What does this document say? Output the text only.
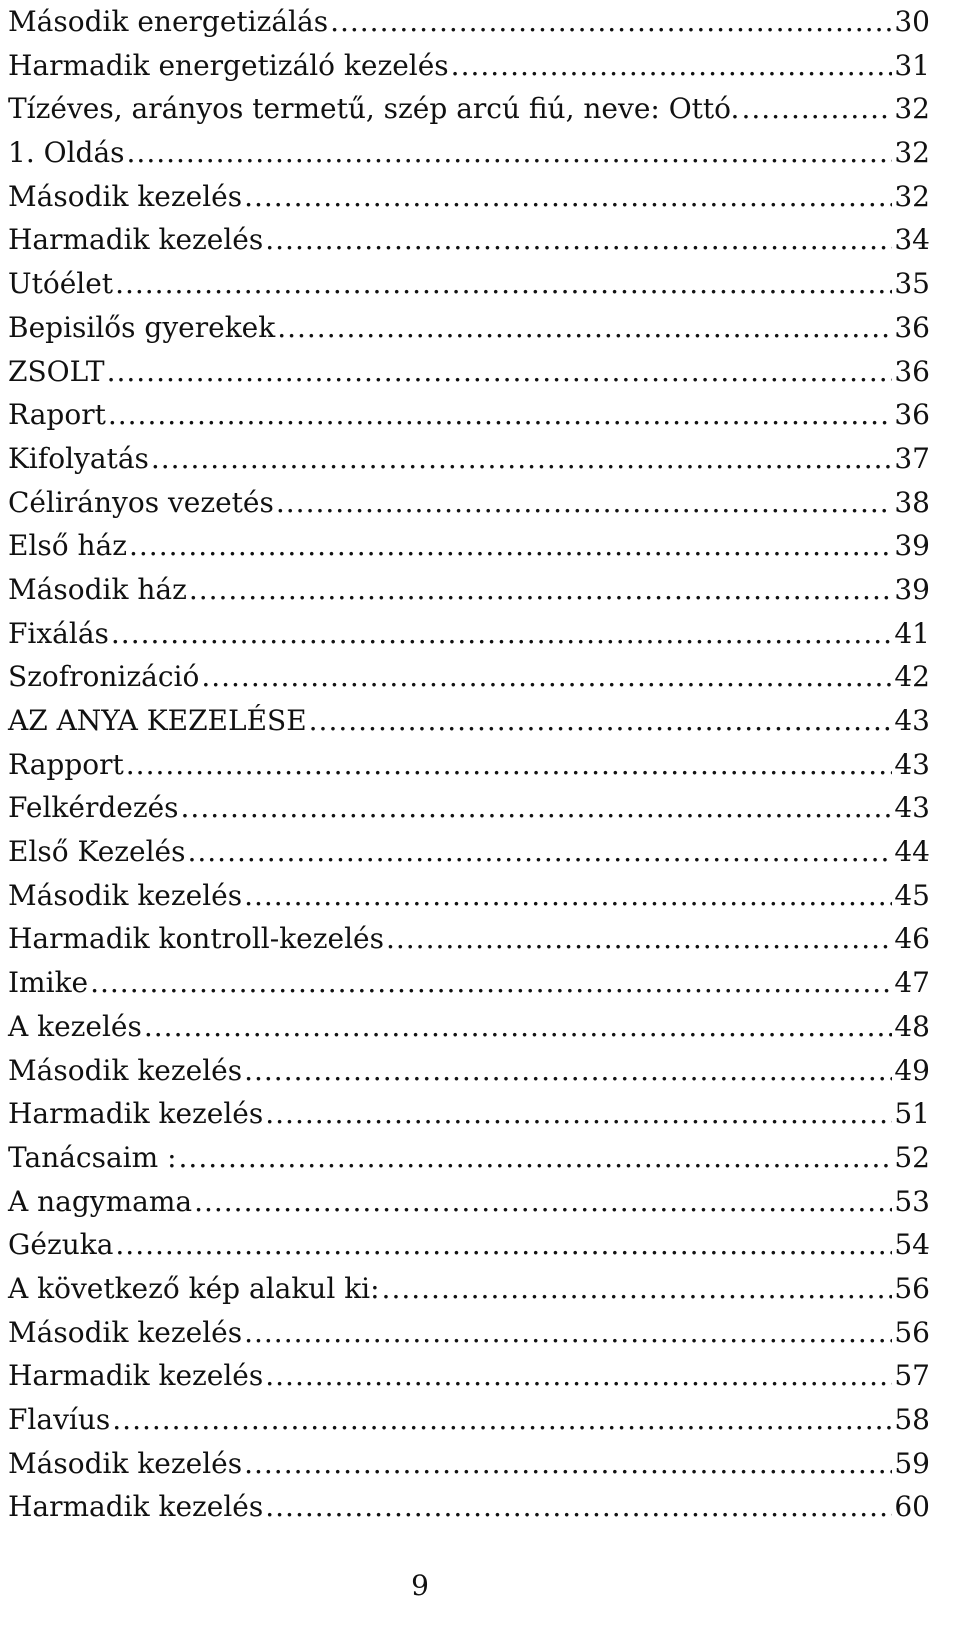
Második energetizálás .....	30
Harmadik energetizáló kezelés .....	31
Tízéves, arányos termetű, szép arcú fiú, neve: Ottó. .....	32
1. Oldás .....	32
Második kezelés .....	32
Harmadik kezelés .....	34
Utóélet .....	35
Bepisilős gyerekek .....	36
ZSOLT .....	36
Raport .....	36
Kifolyatás .....	37
Célirányos vezetés .....	38
Első ház .....	39
Második ház .....	39
Fixálás .....	41
Szofronizáció .....	42
AZ ANYA KEZELÉSE .....	43
Rapport .....	43
Felkérdezés .....	43
Első Kezelés .....	44
Második kezelés .....	45
Harmadik kontroll-kezelés .....	46
Imike .....	47
A kezelés .....	48
Második kezelés .....	49
Harmadik kezelés .....	51
Tanácsaim : .....	52
A nagymama .....	53
Gézuka .....	54
A következő kép alakul ki: .....	56
Második kezelés .....	56
Harmadik kezelés .....	57
Flavíus .....	58
Második kezelés .....	59
Harmadik kezelés .....	60
9
